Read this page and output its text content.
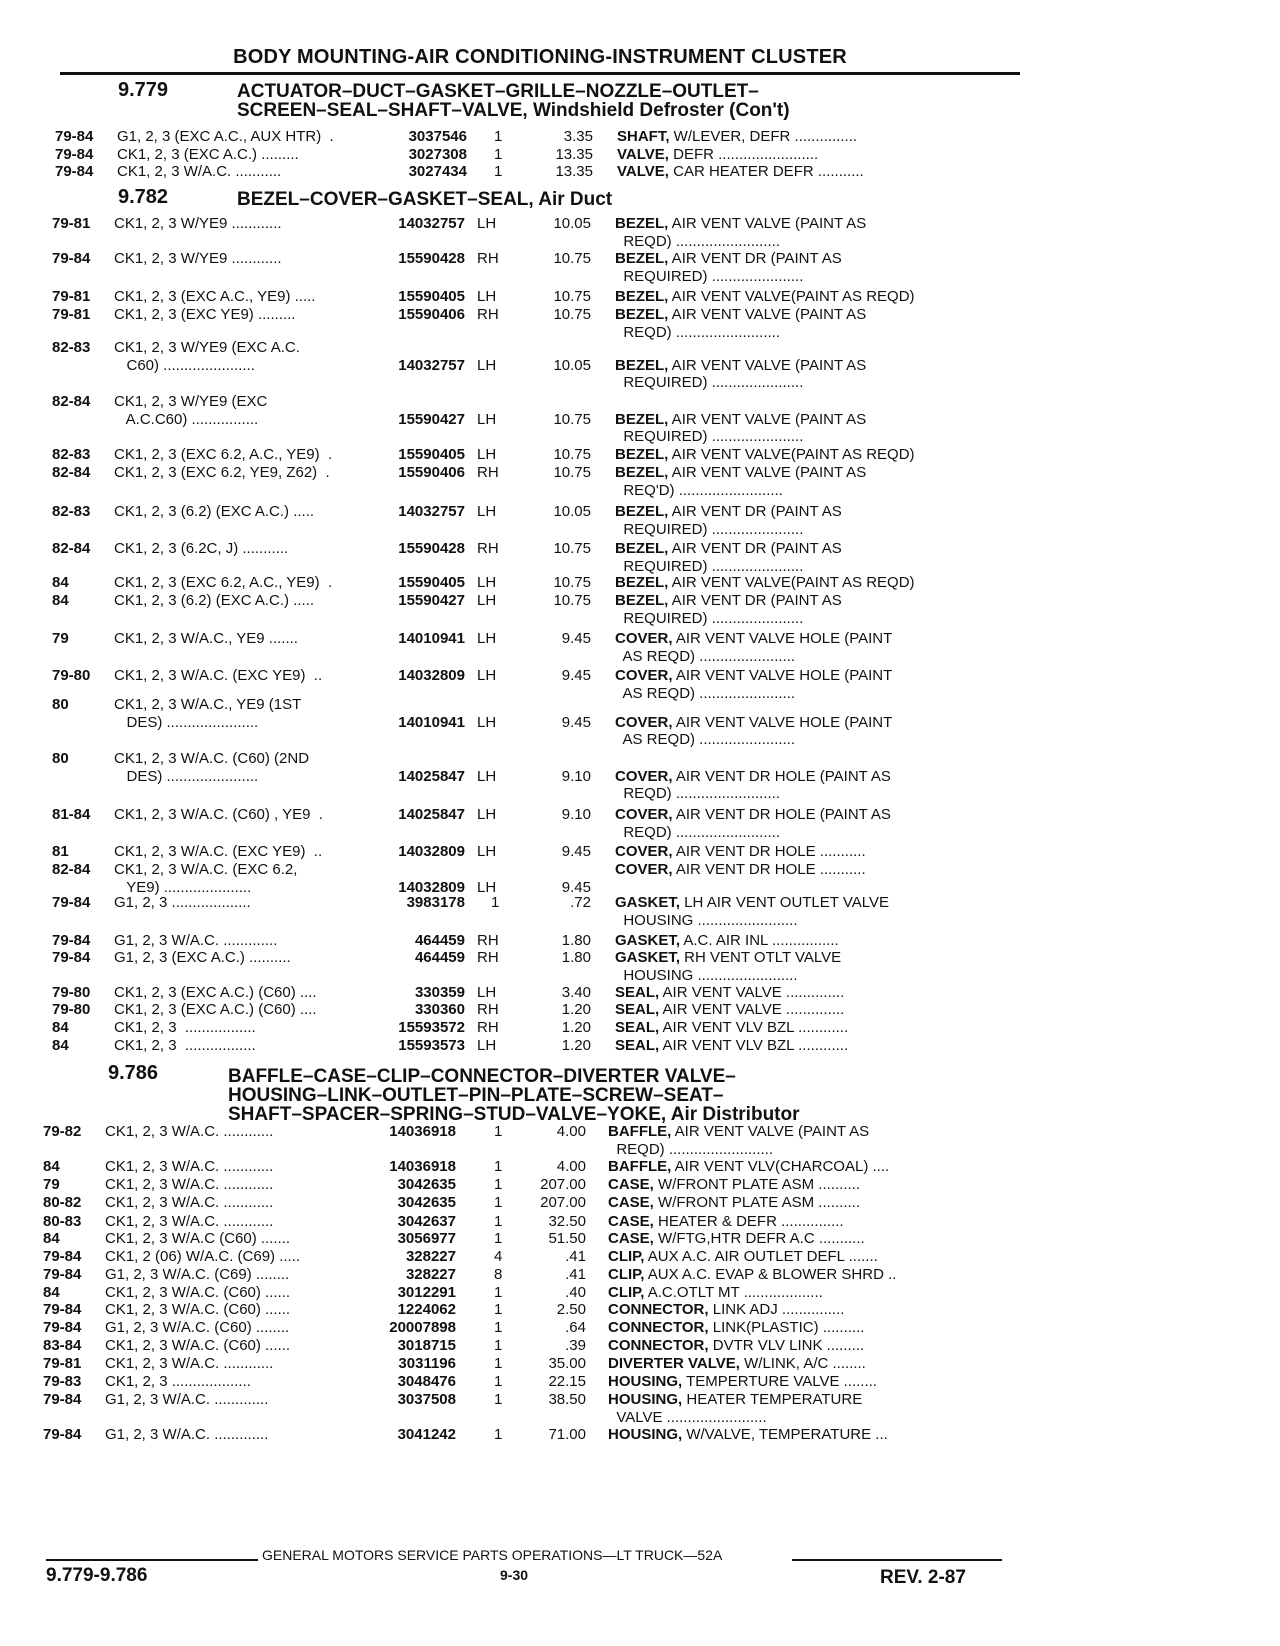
BODY MOUNTING-AIR CONDITIONING-INSTRUMENT CLUSTER
9.779	ACTUATOR–DUCT–GASKET–GRILLE–NOZZLE–OUTLET–
SCREEN–SEAL–SHAFT–VALVE, Windshield Defroster (Con't)
79-84 G1, 2, 3 (EXC A.C., AUX HTR)  .	3037546 1	3.35 SHAFT, W/LEVER, DEFR ...............
79-84 CK1, 2, 3 (EXC A.C.) .........	3027308 1	13.35 VALVE, DEFR ........................
79-84 CK1, 2, 3 W/A.C. ...........	3027434 1	13.35 VALVE, CAR HEATER DEFR ...........
9.782	BEZEL–COVER–GASKET–SEAL, Air Duct
79-81 CK1, 2, 3 W/YE9 ............	14032757 LH	10.05 BEZEL, AIR VENT VALVE (PAINT AS
REQD) .........................
79-84 CK1, 2, 3 W/YE9 ............	15590428 RH	10.75 BEZEL, AIR VENT DR (PAINT AS
REQUIRED) ......................
79-81 CK1, 2, 3 (EXC A.C., YE9) .....	15590405 LH	10.75 BEZEL, AIR VENT VALVE(PAINT AS REQD)
79-81 CK1, 2, 3 (EXC YE9) .........	15590406 RH	10.75 BEZEL, AIR VENT VALVE (PAINT AS
REQD) .........................
82-83 CK1, 2, 3 W/YE9 (EXC A.C.
C60) ......................	14032757 LH	10.05 BEZEL, AIR VENT VALVE (PAINT AS
REQUIRED) ......................
82-84 CK1, 2, 3 W/YE9 (EXC
A.C.C60) ................	15590427 LH	10.75 BEZEL, AIR VENT VALVE (PAINT AS
REQUIRED) ......................
82-83 CK1, 2, 3 (EXC 6.2, A.C., YE9)  .	15590405 LH	10.75 BEZEL, AIR VENT VALVE(PAINT AS REQD)
82-84 CK1, 2, 3 (EXC 6.2, YE9, Z62)  .	15590406 RH	10.75 BEZEL, AIR VENT VALVE (PAINT AS
REQ'D) .........................
82-83 CK1, 2, 3 (6.2) (EXC A.C.) .....	14032757 LH	10.05 BEZEL, AIR VENT DR (PAINT AS
REQUIRED) ......................
82-84 CK1, 2, 3 (6.2C, J) ...........	15590428 RH	10.75 BEZEL, AIR VENT DR (PAINT AS
REQUIRED) ......................
84	CK1, 2, 3 (EXC 6.2, A.C., YE9)  .	15590405 LH	10.75 BEZEL, AIR VENT VALVE(PAINT AS REQD)
84	CK1, 2, 3 (6.2) (EXC A.C.) .....	15590427 LH	10.75 BEZEL, AIR VENT DR (PAINT AS
REQUIRED) ......................
79	CK1, 2, 3 W/A.C., YE9 .......	14010941 LH	9.45 COVER, AIR VENT VALVE HOLE (PAINT
AS REQD) .......................
79-80 CK1, 2, 3 W/A.C. (EXC YE9)  ..	14032809 LH	9.45 COVER, AIR VENT VALVE HOLE (PAINT
AS REQD) .......................
80	CK1, 2, 3 W/A.C., YE9 (1ST
DES) ......................	14010941 LH	9.45 COVER, AIR VENT VALVE HOLE (PAINT
AS REQD) .......................
80	CK1, 2, 3 W/A.C. (C60) (2ND
DES) ......................	14025847 LH	9.10 COVER, AIR VENT DR HOLE (PAINT AS
REQD) .........................
81-84 CK1, 2, 3 W/A.C. (C60) , YE9  .	14025847 LH	9.10 COVER, AIR VENT DR HOLE (PAINT AS
REQD) .........................
81	CK1, 2, 3 W/A.C. (EXC YE9)  ..	14032809 LH	9.45 COVER, AIR VENT DR HOLE ...........
82-84 CK1, 2, 3 W/A.C. (EXC 6.2,
YE9) .....................	14032809 LH	9.45
COVER, AIR VENT DR HOLE ...........
79-84 G1, 2, 3 ...................	3983178 1	.72 GASKET, LH AIR VENT OUTLET VALVE
HOUSING ........................
79-84 G1, 2, 3 W/A.C. .............	464459 RH	1.80 GASKET, A.C. AIR INL ................
79-84 G1, 2, 3 (EXC A.C.) ..........	464459 RH	1.80 GASKET, RH VENT OTLT VALVE
HOUSING ........................
79-80 CK1, 2, 3 (EXC A.C.) (C60) ....	330359 LH	3.40 SEAL, AIR VENT VALVE ..............
79-80 CK1, 2, 3 (EXC A.C.) (C60) ....	330360 RH	1.20 SEAL, AIR VENT VALVE ..............
84	CK1, 2, 3  .................	15593572 RH	1.20 SEAL, AIR VENT VLV BZL ............
84	CK1, 2, 3  .................	15593573 LH	1.20 SEAL, AIR VENT VLV BZL ............
9.786	BAFFLE–CASE–CLIP–CONNECTOR–DIVERTER VALVE–
HOUSING–LINK–OUTLET–PIN–PLATE–SCREW–SEAT–
SHAFT–SPACER–SPRING–STUD–VALVE–YOKE, Air Distributor
79-82 CK1, 2, 3 W/A.C. ............	14036918	1	4.00 BAFFLE, AIR VENT VALVE (PAINT AS
REQD) .........................
84	CK1, 2, 3 W/A.C. ............	14036918	1	4.00 BAFFLE, AIR VENT VLV(CHARCOAL) ....
79	CK1, 2, 3 W/A.C. ............	3042635	1	207.00 CASE, W/FRONT PLATE ASM ..........
80-82 CK1, 2, 3 W/A.C. ............	3042635	1	207.00 CASE, W/FRONT PLATE ASM ..........
80-83 CK1, 2, 3 W/A.C. ............	3042637	1	32.50 CASE, HEATER & DEFR ...............
84	CK1, 2, 3 W/A.C (C60) .......	3056977	1	51.50 CASE, W/FTG,HTR DEFR A.C ...........
79-84 CK1, 2 (06) W/A.C. (C69) .....	328227	4	.41 CLIP, AUX A.C. AIR OUTLET DEFL .......
79-84 G1, 2, 3 W/A.C. (C69) ........	328227	8	.41 CLIP, AUX A.C. EVAP & BLOWER SHRD ..
84	CK1, 2, 3 W/A.C. (C60) ......	3012291	1	.40 CLIP, A.C.OTLT MT ...................
79-84 CK1, 2, 3 W/A.C. (C60) ......	1224062	1	2.50 CONNECTOR, LINK ADJ ...............
79-84 G1, 2, 3 W/A.C. (C60) ........	20007898	1	.64 CONNECTOR, LINK(PLASTIC) ..........
83-84 CK1, 2, 3 W/A.C. (C60) ......	3018715	1	.39 CONNECTOR, DVTR VLV LINK .........
79-81 CK1, 2, 3 W/A.C. ............	3031196	1	35.00 DIVERTER VALVE, W/LINK, A/C ........
79-83 CK1, 2, 3 ...................	3048476	1	22.15 HOUSING, TEMPERTURE VALVE ........
79-84 G1, 2, 3 W/A.C. .............	3037508	1	38.50 HOUSING, HEATER TEMPERATURE
VALVE ........................
79-84 G1, 2, 3 W/A.C. .............	3041242	1	71.00 HOUSING, W/VALVE, TEMPERATURE ...
9.779-9.786
GENERAL MOTORS SERVICE PARTS OPERATIONS—LT TRUCK—52A
9-30	REV. 2-87
